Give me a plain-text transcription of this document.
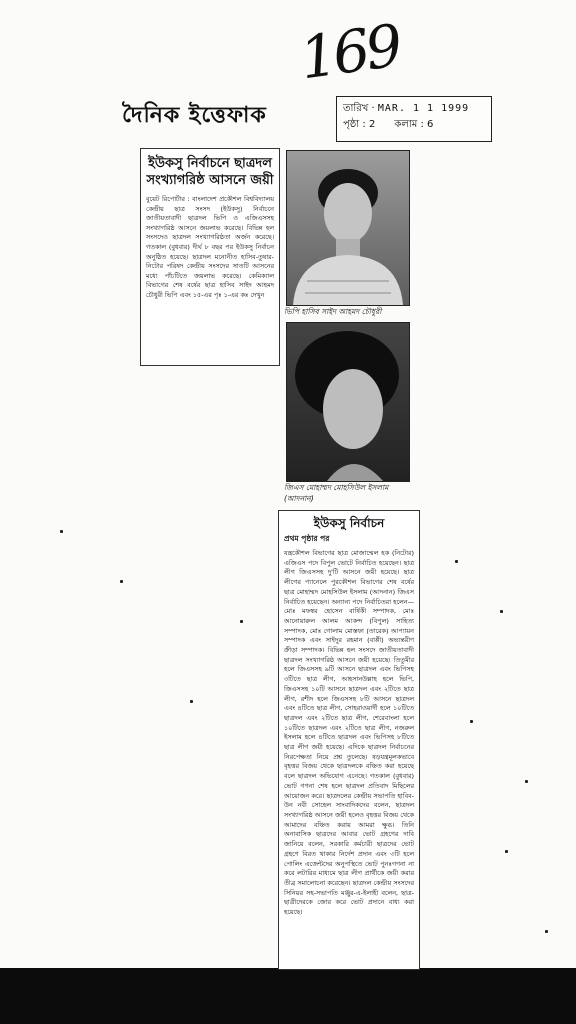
169
দৈনিক ইত্তেফাক	তারিখ · MAR. 1 1 1999
পৃষ্ঠা : 2 কলাম : 6
ইউকসু নির্বাচনে ছাত্রদল সংখ্যাগরিষ্ঠ আসনে জয়ী
বুয়েট রিপোর্টার : বাংলাদেশ প্রকৌশল বিশ্ববিদ্যালয় কেন্দ্রীয় ছাত্র সংসদ (ইউকসু) নির্বাচনে জাতীয়তাবাদী ছাত্রদল ভিপি ও এজিএসসহ সংখ্যাগরিষ্ঠ আসনে জয়লাভ করেছে। বিভিন্ন হল সংসদেও ছাত্রদল সংখ্যাগরিষ্ঠতা অর্জন করেছে। গতকাল (বুধবার) দীর্ঘ ৮ বছর পর ইউকসু নির্বাচন অনুষ্ঠিত হয়েছে। ছাত্রদল মনোনীত হাসিব-তুষার-নিটোর পরিষদ কেন্দ্রীয় সংসদের সাতটি আসনের মধ্যে পাঁচটিতে জয়লাভ করেছে। কেমিক্যাল বিভাগের শেষ বর্ষের ছাত্র হাসিব সাইদ আহমদ চৌধুরী ভিপি এবং ১৫-এর পৃঃ ১-এর কঃ দেখুন
ভিপি হাসিব সাইদ আহমদ চৌধুরী
জিএস মোহাম্মদ মোহসিউল ইসলাম (আদনান)
ইউকসু নির্বাচন
প্রথম পৃষ্ঠার পর
যন্ত্রকৌশল বিভাগের ছাত্র মোজাম্মেল হক (নিটোর) এজিএস পদে বিপুল ভোটে নির্বাচিত হয়েছেন। ছাত্র লীগ জিএসসহ দু'টি আসনে জয়ী হয়েছে। ছাত্র লীগের প্যানেলে পুরকৌশল বিভাগের শেষ বর্ষের ছাত্র মোহাম্মদ মোহসিউল ইসলাম (আদনান) জিএস নির্বাচিত হয়েছেন। অন্যান্য পদে নির্বাচিতরা হলেন— মোঃ মফস্বর হোসেন বার্ষিকী সম্পাদক, মোঃ আনোয়ারুল আলম আকন্দ (বিপুল) সাহিত্য সম্পাদক, মোঃ গোলাম মোস্তফা (তারেক) আপ্যায়ন সম্পাদক এবং সাইদুর রহমান (বাপ্পী) অভ্যন্তরীণ ক্রীড়া সম্পাদক। বিভিন্ন হল সংসদে জাতীয়তাবাদী ছাত্রদল সংখ্যাগরিষ্ঠ আসনে জয়ী হয়েছে। তিতুমীর হলে জিএসসহ ৯টি আসনে ছাত্রদল এবং ভিপিসহ ৩টিতে ছাত্র লীগ, আহসানউল্লাহ হলে ভিপি, জিএসসহ ১০টি আসনে ছাত্রদল এবং ২টিতে ছাত্র লীগ, রশীদ হলে জিএসসহ ৮টি আসনে ছাত্রদল এবং ৪টিতে ছাত্র লীগ, সোহরাওয়ার্দী হলে ১০টিতে ছাত্রদল এবং ২টিতে ছাত্র লীগ, শেরেবাংলা হলে ১০টিতে ছাত্রদল এবং ২টিতে ছাত্র লীগ, নজরুল ইসলাম হলে ৪টিতে ছাত্রদল এবং ভিপিসহ ৮টিতে ছাত্র লীগ জয়ী হয়েছে। এদিকে ছাত্রদল নির্বাচনের নিরপেক্ষতা নিয়ে প্রশ্ন তুলেছে। ষড়যন্ত্রমূলকভাবে বৃহত্তর বিজয় থেকে ছাত্রদলকে বঞ্চিত করা হয়েছে বলে ছাত্রদল অভিযোগ এনেছে। গতকাল (বুধবার) ভোট গণনা শেষ হলে ছাত্রদল প্রতিবাদ মিছিলের আয়োজন করে। ছাত্রদলের কেন্দ্রীয় সভাপতি হাবিব-উন নবী সোহেল সাংবাদিকদের বলেন, ছাত্রদল সংখ্যাগরিষ্ঠ আসনে জয়ী হলেও বৃহত্তর বিজয় থেকে আমাদের বঞ্চিত করায় আমরা ক্ষুব্ধ। তিনি অনাবাসিক ছাত্রদের আবার ভোট গ্রহণের দাবি জানিয়ে বলেন, সরকারি কর্মচারী ছাত্রদের ভোট গ্রহণে বিরত থাকার নির্দেশ প্রদান এবং ৩টি হলে পোলিং এজেন্টদের অনুপস্থিতে ভোট পুনঃগণনা না করে লটারির মাধ্যমে ছাত্র লীগ প্রার্থীকে জয়ী করার তীব্র সমালোচনা করেছেন। ছাত্রদল কেন্দ্রীয় সংসদের সিনিয়র সহ-সভাপতি মঞ্জুর-এ-ইলাহী বলেন, ছাত্র-ছাত্রীদেরকে জোর করে ভোট প্রদানে বাধ্য করা হয়েছে।
